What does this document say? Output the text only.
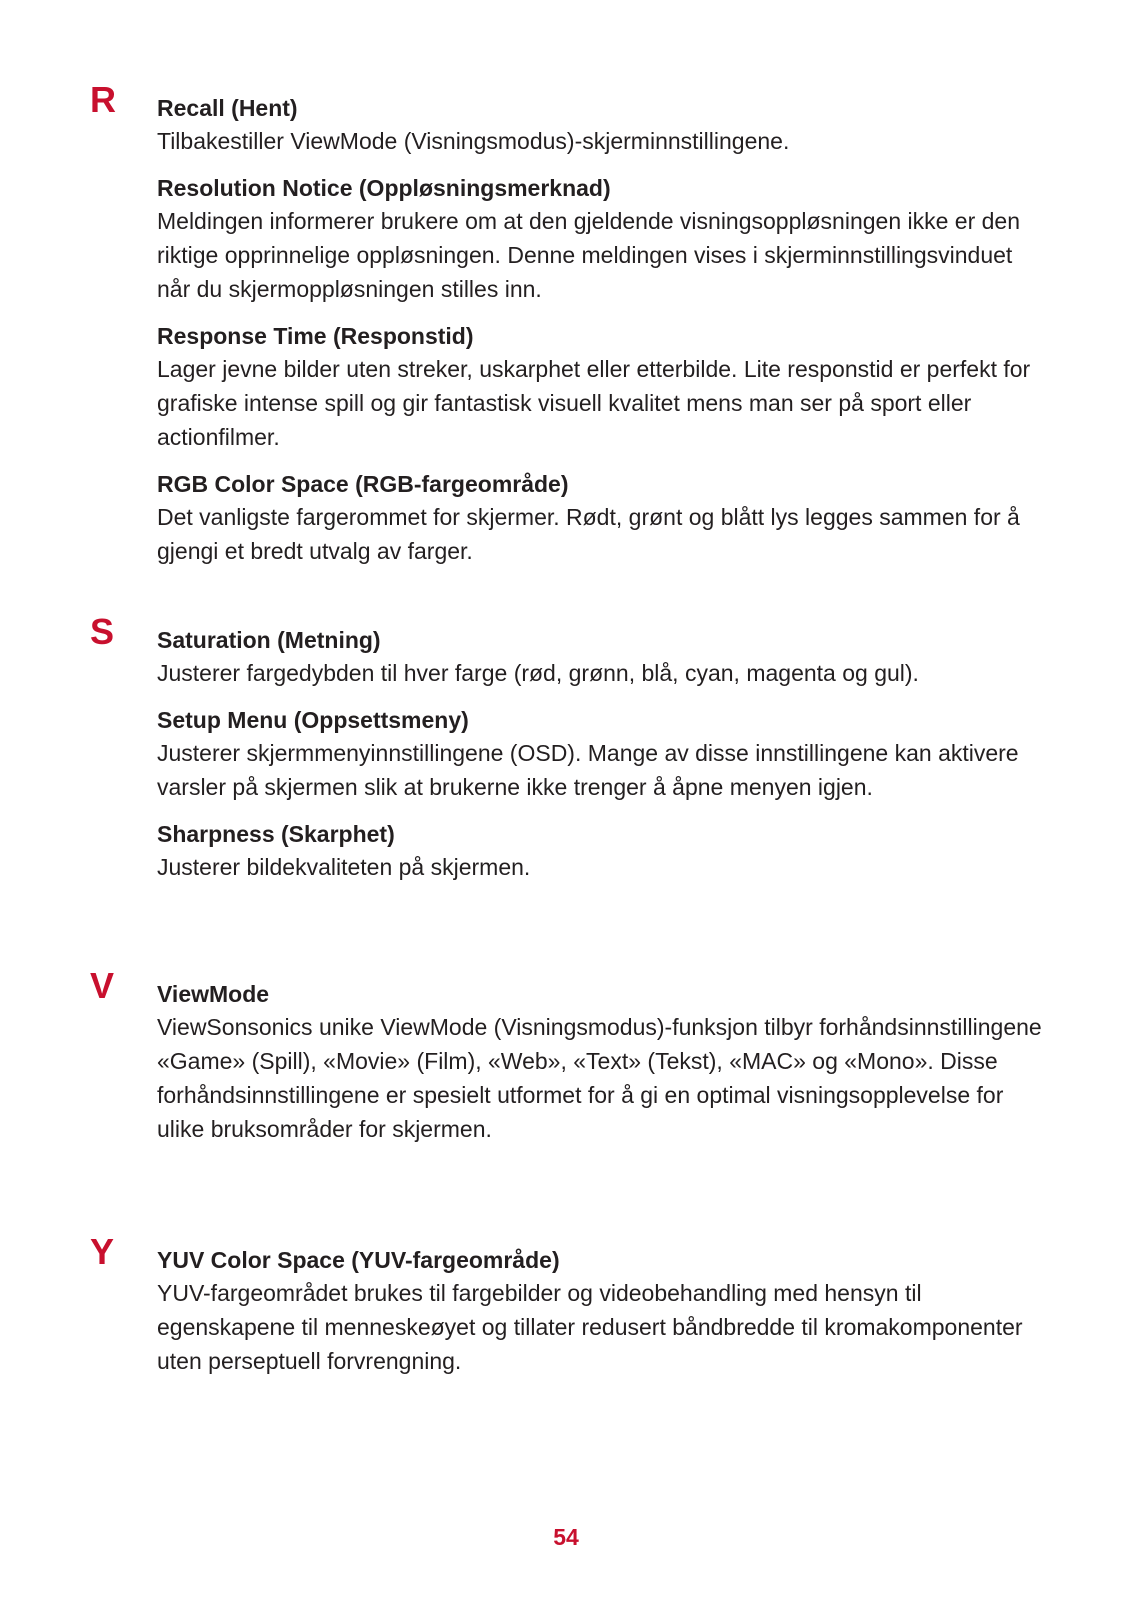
R Recall (Hent)

Tilbakestiller ViewMode (Visningsmodus)-skjerminnstillingene.

Resolution Notice (Oppløsningsmerknad)

Meldingen informerer brukere om at den gjeldende visningsoppløsningen ikke er den riktige opprinnelige oppløsningen. Denne meldingen vises i skjerminnstillingsvinduet når du skjermoppløsningen stilles inn.

Response Time (Responstid)

Lager jevne bilder uten streker, uskarphet eller etterbilde. Lite responstid er perfekt for grafiske intense spill og gir fantastisk visuell kvalitet mens man ser på sport eller actionfilmer.

RGB Color Space (RGB-fargeområde)

Det vanligste fargerommet for skjermer. Rødt, grønt og blått lys legges sammen for å gjengi et bredt utvalg av farger.

S Saturation (Metning)

Justerer fargedybden til hver farge (rød, grønn, blå, cyan, magenta og gul).

Setup Menu (Oppsettsmeny)

Justerer skjermmenyinnstillingene (OSD). Mange av disse innstillingene kan aktivere varsler på skjermen slik at brukerne ikke trenger å åpne menyen igjen.

Sharpness (Skarphet)

Justerer bildekvaliteten på skjermen.

V ViewMode

ViewSonsonics unike ViewMode (Visningsmodus)-funksjon tilbyr forhåndsinnstillingene «Game» (Spill), «Movie» (Film), «Web», «Text» (Tekst), «MAC» og «Mono». Disse forhåndsinnstillingene er spesielt utformet for å gi en optimal visningsopplevelse for ulike bruksområder for skjermen.

Y YUV Color Space (YUV-fargeområde)

YUV-fargeområdet brukes til fargebilder og videobehandling med hensyn til egenskapene til menneskeøyet og tillater redusert båndbredde til kromakomponenter uten perseptuell forvrengning.

54
